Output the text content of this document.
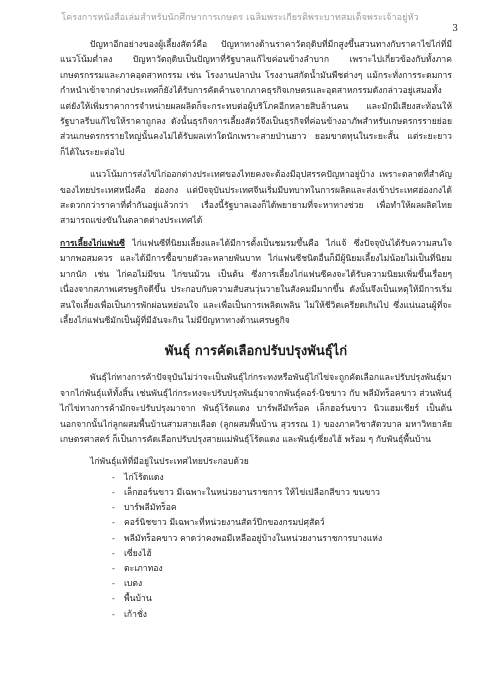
โครงการหนังสือเล่มสำหรับนักศึกษาการเกษตร เฉลิมพระเกียรติพระบาทสมเด็จพระเจ้าอยู่หัว
3

ปัญหาอีกอย่างของผู้เลี้ยงสัตว์คือ ปัญหาทางด้านราคาวัตถุดิบที่มีกสูงขึ้นสวนทางกับราคาไข่ไก่ที่มีแนวโน้มต่ำลง ปัญหาวัตถุดิบเป็นปัญหาที่รัฐบาลแก้ไขค่อนข้างลำบาก เพราะไปเกี่ยวข้องกับทั้งภาคเกษตรกรรมและภาคอุตสาหกรรม เช่น โรงงานปลาป่น โรงงานสกัดน้ำมันพืชต่างๆ แม้กระทั่งการระดมการกำหนำเข้าจากต่างประเทศก็ยังได้รับการคัดค้านจากภาคธุรกิจเกษตรและอุตสาหกรรมดังกล่าวอยู่เสมอทั้งแต่ยังให้เพิ่มราคาการจำหน่ายผลผลิตก็จะกระทบต่อผู้บริโภคอีกหลายสิบล้านคน และมักมีเสียงสะท้อนให้รัฐบาลรีบแก้ไขให้ราคาถูกลง ดังนั้นธุรกิจการเลี้ยงสัตว์จึงเป็นธุรกิจที่ค่อนข้างอาภัพสำหรับเกษตรกรรายย่อย ส่วนเกษตรกรรายใหญ่นั้นคงไม่ได้รับผลเท่าใดนักเพราะสายป่านยาว ยอมขาดทุนในระยะสั้น แต่ระยะยาวก็ได้ในระยะต่อไป

แนวโน้มการส่งไข่ไก่ออกต่างประเทศของไทยคงจะต้องมีอุปสรรคปัญหาอยู่บ้าง เพราะตลาดที่สำคัญของไทยประเทศหนึ่งคือ ฮ่องกง แต่ปัจจุบันประเทศจีนเริ่มมีบทบาทในการผลิตและส่งเข้าประเทศฮ่องกงได้สะดวกกว่าราคาที่ต่ำกันอยู่แล้วกว่า เรื่องนี้รัฐบาลเองก็ได้พยายามที่จะหาทางช่วย เพื่อทำให้ผลผลิตไทยสามารถแข่งขันในตลาดต่างประเทศได้

การเลี้ยงไก่แฟนซี ไก่แฟนซีที่นิยมเลี้ยงและได้มีการตั้งเป็นชมรมขึ้นคือ ไก่แจ้ ซึ่งปัจจุบันได้รับความสนใจมากพอสมควร และได้มีการซื้อขายตัวละหลายพันบาท ไก่แฟนซีชนิดอื่นก็มีผู้นิยมเลี้ยงไม่น้อยไม่เป็นที่นิยมมากนัก เช่น ไก่คอไม่มีขน ไก่ขนม้วน เป็นต้น ซึ่งการเลี้ยงไก่แฟนซีคงจะได้รับความนิยมเพิ่มขึ้นเรื่อยๆ เนื่องจากสภาพเศรษฐกิจดีขึ้น ประกอบกับความสับสนวุ่นวายในสังคมมีมากขึ้น ดังนั้นจึงเป็นเหตุให้มีการเริ่มสนใจเลี้ยงเพื่อเป็นการพักผ่อนหย่อนใจ และเพื่อเป็นการเพลิดเพลิน ไม่ให้ชีวิตเครียดเกินไป ซึ่งแน่นอนผู้ที่จะเลี้ยงไก่แฟนซีมักเป็นผู้ที่มีอันจะกิน ไม่มีปัญหาทางด้านเศรษฐกิจ

พันธุ์ การคัดเลือกปรับปรุงพันธุ์ไก่

พันธุ์ไก่ทางการค้าปัจจุบันไม่ว่าจะเป็นพันธุ์ไก่กระทงหรือพันธุ์ไก่ไข่จะถูกคัดเลือกและปรับปรุงพันธุ์มาจากไก่พันธุ์แท้ทั้งสิ้น เช่นพันธุ์ไก่กระทงจะปรับปรุงพันธุ์มาจากพันธุ์คอร์-นิชขาว กับ พลีมัทร็อคขาว ส่วนพันธุ์ไก่ไข่ทางการค้ามักจะปรับปรุงมาจาก พันธุ์โร้ดแดง บาร์พลีมัทร็อค เล็กฮอร์นขาว นิวแฮมเชียร์ เป็นต้น นอกจากนั้นไก่ลูกผสมพื้นบ้านสามสายเลือด (ลูกผสมพื้นบ้าน สุวรรณ 1) ของภาควิชาสัตวบาล มหาวิทยาลัยเกษตรศาสตร์ ก็เป็นการคัดเลือกปรับปรุงสายแม่พันธุ์โร้ดแดง และพันธุ์เซี่ยงไฮ้ พร้อม ๆ กับพันธุ์พื้นบ้าน

ไก่พันธุ์แท้ที่มีอยู่ในประเทศไทยประกอบด้วย

- ไก่โร้ดแดง
- เล็กฮอร์นขาว มีเฉพาะในหน่วยงานราชการ ให้ไข่เปลือกสีขาว ขนขาว
- บาร์พลีมัทร็อค
- คอร์นิชขาว มีเฉพาะที่หน่วยงานสัตว์ปีกของกรมปศุสัตว์
- พลีมัทร็อคขาว คาดว่าคงพอมีเหลืออยู่บ้างในหน่วยงานราชการบางแห่ง
- เซี่ยงไฮ้
- ตะเภาทอง
- เบตง
- พื้นบ้าน
- เก้าชั่ง
